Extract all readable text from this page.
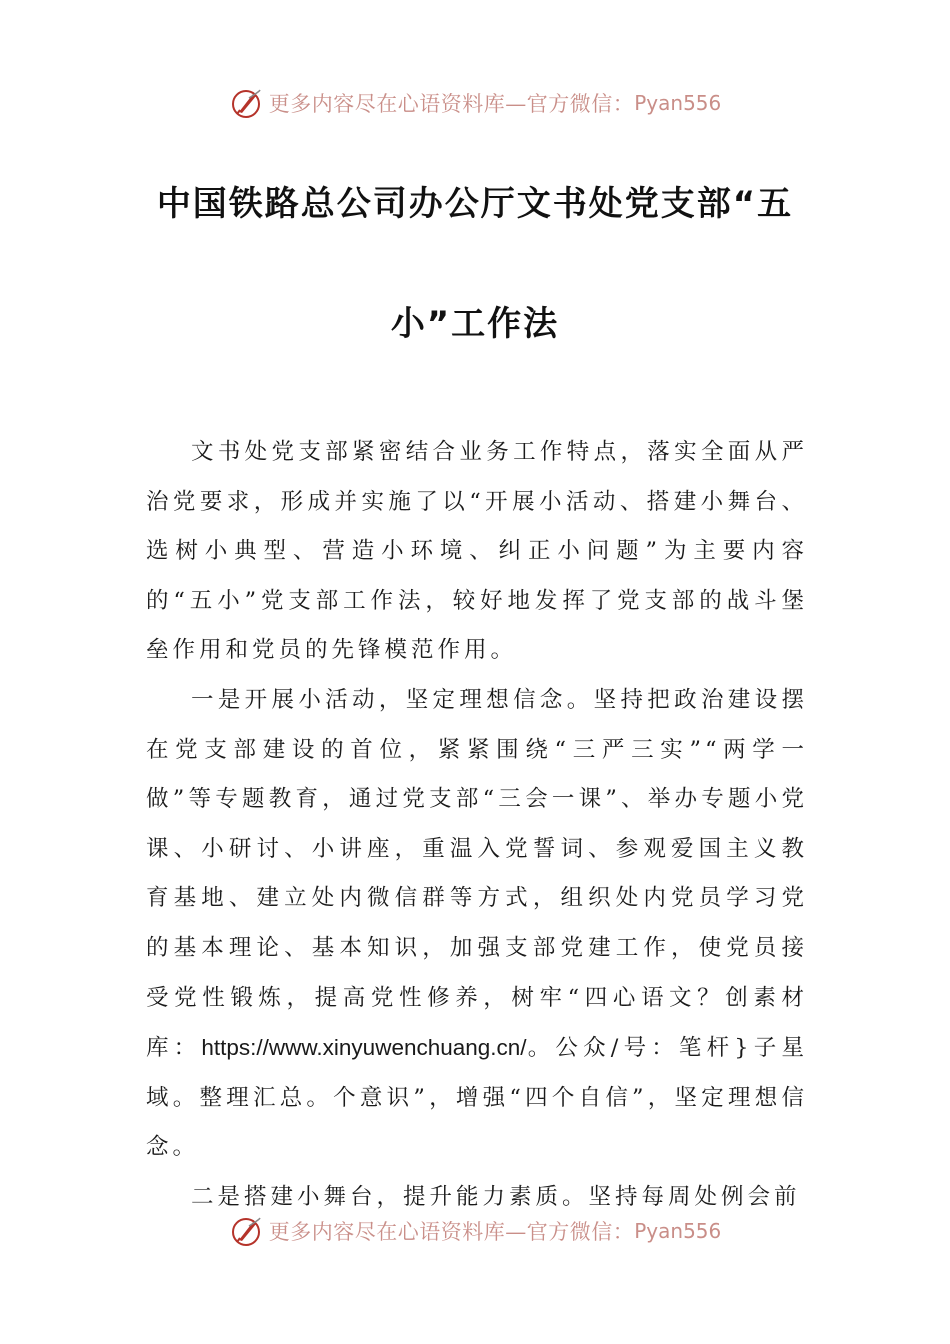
更多内容尽在心语资料库—官方微信： Pyan556
中国铁路总公司办公厅文书处党支部“五
小”工作法

文书处党支部紧密结合业务工作特点，落实全面从严治党要求，形成并实施了以“开展小活动、搭建小舞台、选树小典型、营造小环境、纠正小问题”为主要内容的“五小”党支部工作法，较好地发挥了党支部的战斗堡垒作用和党员的先锋模范作用。

一是开展小活动，坚定理想信念。坚持把政治建设摆在党支部建设的首位，紧紧围绕“三严三实”“两学一做”等专题教育，通过党支部“三会一课”、举办专题小党课、小研讨、小讲座，重温入党誓词、参观爱国主义教育基地、建立处内微信群等方式，组织处内党员学习党的基本理论、基本知识，加强支部党建工作，使党员接受党性锻炼，提高党性修养，树牢“四心语文？创素材库：https://www.xinyuwenchuang.cn/。公众/号：笔杆}子星域。整理汇总。个意识”，增强“四个自信”，坚定理想信念。

二是搭建小舞台，提升能力素质。坚持每周处例会前

更多内容尽在心语资料库—官方微信： Pyan556
